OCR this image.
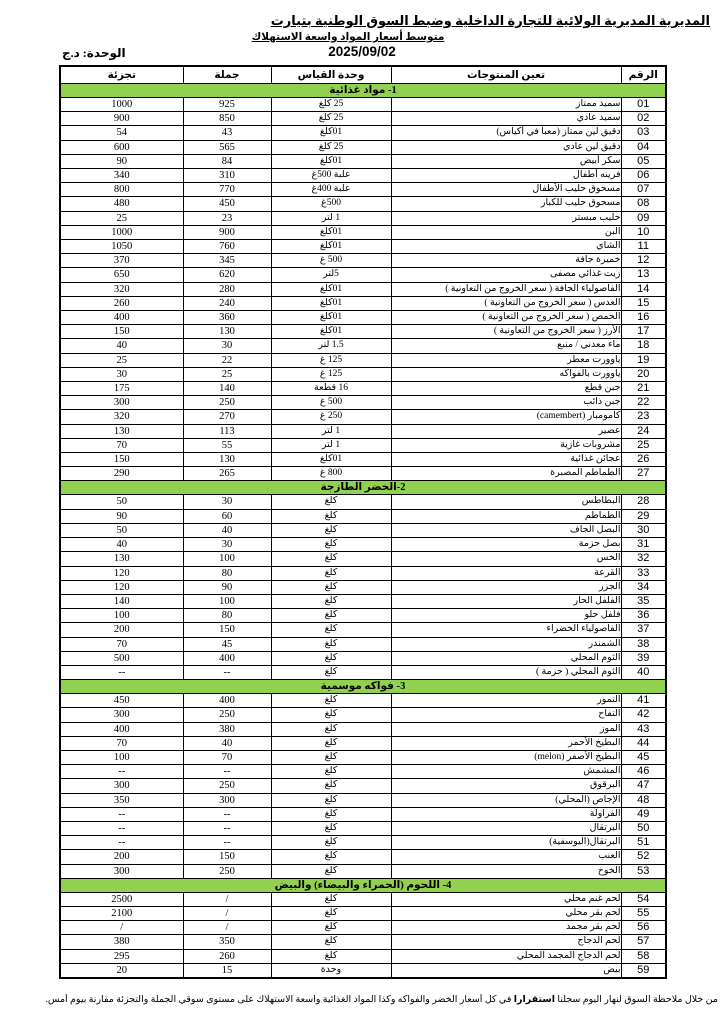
المديرية المديرية الولائية للتجارة الداخلية وضبط السوق الوطنية بتيارت
متوسط أسعار المواد واسعة الاستهلاك
الوحدة: د.ج	2025/09/02
الرقم	تعين المنتوجات	وحدة القياس	جملة	تجزئة
1- مواد غذائية				
01	سميد ممتاز	25 كلغ	925	1000
02	سميد عادي	25 كلغ	850	900
03	دقيق لين ممتاز (معبأ في أكياس)	01كلغ	43	54
04	دقيق لين عادي	25 كلغ	565	600
05	سكر أبيض	01كلغ	84	90
06	فرينه أطفال	علبة 500غ	310	340
07	مسحوق حليب الأطفال	علبة 400غ	770	800
08	مسحوق حليب للكبار	500غ	450	480
09	حليب مبستر	1 لتر	23	25
10	البن	01كلغ	900	1000
11	الشاي	01كلغ	760	1050
12	خميرة جافة	500 غ	345	370
13	زيت غذائي مصفى	5لتر	620	650
14	الفاصولياء الجافة ( سعر الخروج من التعاونية )	01كلغ	280	320
15	العدس ( سعر الخروج من التعاونية )	01كلغ	240	260
16	الحمص ( سعر الخروج من التعاونية )	01كلغ	360	400
17	الأرز ( سعر الخروج من التعاونية )	01كلغ	130	150
18	ماء معدني / منبع	1.5 لتر	30	40
19	ياوورت معطر	125 غ	22	25
20	ياوورت بالفواكه	125 غ	25	30
21	جبن قطع	16 قطعة	140	175
22	جبن ذائب	500 غ	250	300
23	كامومبار (camembert)	250 غ	270	320
24	عصير	1 لتر	113	130
25	مشروبات غازية	1 لتر	55	70
26	عجائن غذائية	01كلغ	130	150
27	الطماطم المصبرة	800 غ	265	290
2-الخضر الطازجة				
28	البطاطس	كلغ	30	50
29	الطماطم	كلغ	60	90
30	البصل الجاف	كلغ	40	50
31	بصل حزمة	كلغ	30	40
32	الخس	كلغ	100	130
33	القرعة	كلغ	80	120
34	الجزر	كلغ	90	120
35	الفلفل الحار	كلغ	100	140
36	فلفل حلو	كلغ	80	100
37	الفاصولياء الخضراء	كلغ	150	200
38	الشمندر	كلغ	45	70
39	الثوم المحلي	كلغ	400	500
40	الثوم المحلي ( حزمة )	كلغ	--	--
3- فواكه موسمية				
41	التمور	كلغ	400	450
42	التفاح	كلغ	250	300
43	الموز	كلغ	380	400
44	البطيخ الأحمر	كلغ	40	70
45	البطيخ الأصفر (melon)	كلغ	70	100
46	المشمش	كلغ	--	--
47	البرقوق	كلغ	250	300
48	الإجاص (المحلي)	كلغ	300	350
49	الفراولة	كلغ	--	--
50	البرتقال	كلغ	--	--
51	البرتقال(اليوسفية)	كلغ	--	--
52	العنب	كلغ	150	200
53	الخوخ	كلغ	250	300
4- اللحوم (الحمراء والبيضاء) والبيض				
54	لحم غنم محلي	كلغ	/	2500
55	لحم بقر محلي	كلغ	/	2100
56	لحم بقر مجمد	كلغ	/	/
57	لحم الدجاج	كلغ	350	380
58	لحم الدجاج المجمد المحلي	كلغ	260	295
59	بيض	وحدة	15	20
من خلال ملاحظة السوق لنهار اليوم سجلنا استقرارا في كل أسعار الخضر والفواكه وكذا المواد الغذائية واسعة الاستهلاك على مستوى سوقي الجملة والتجزئة مقارنة بيوم أمس.
